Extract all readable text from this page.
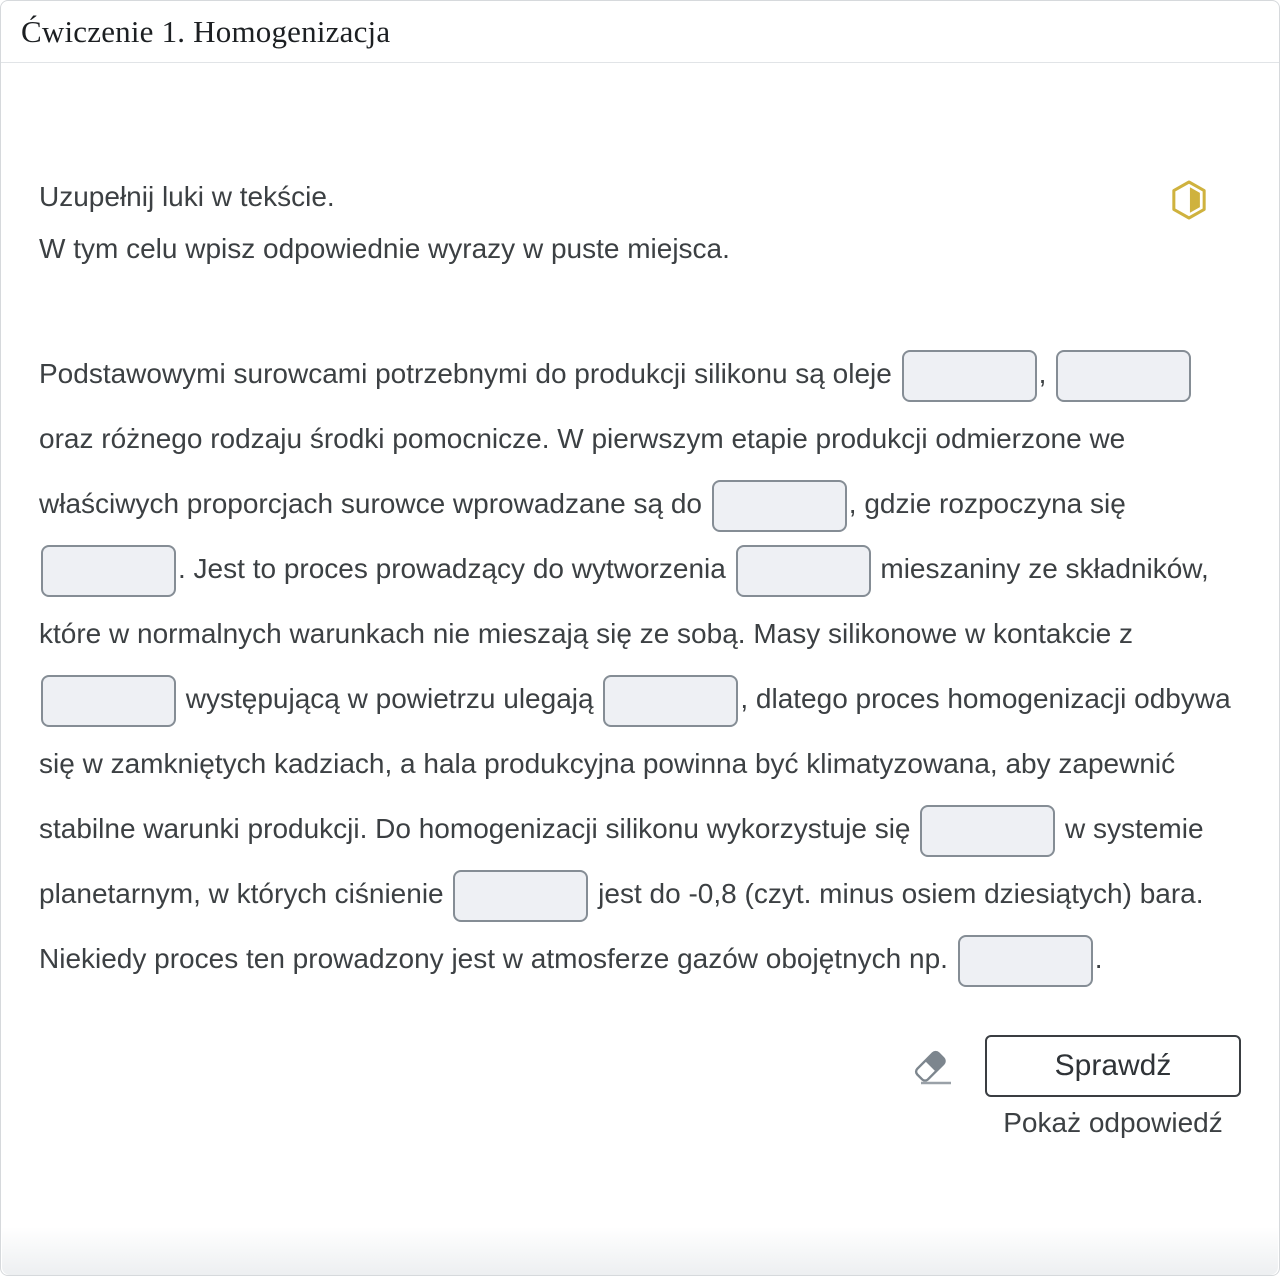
Ćwiczenie 1. Homogenizacja
Uzupełnij luki w tekście.
W tym celu wpisz odpowiednie wyrazy w puste miejsca.

Podstawowymi surowcami potrzebnymi do produkcji silikonu są oleje	,  oraz różnego rodzaju środki pomocnicze. W pierwszym etapie produkcji odmierzone we właściwych proporcjach surowce wprowadzane są do	, gdzie rozpoczyna się . Jest to proces prowadzący do wytworzenia	mieszaniny ze składników, które w normalnych warunkach nie mieszają się ze sobą. Masy silikonowe w kontakcie z  występującą w powietrzu ulegają	, dlatego proces homogenizacji odbywa się w zamkniętych kadziach, a hala produkcyjna powinna być klimatyzowana, aby zapewnić stabilne warunki produkcji. Do homogenizacji silikonu wykorzystuje się	w systemie planetarnym, w których ciśnienie	jest do -0,8 (czyt. minus osiem dziesiątych) bara. Niekiedy proces ten prowadzony jest w atmosferze gazów obojętnych np.	.

Sprawdź
Pokaż odpowiedź
